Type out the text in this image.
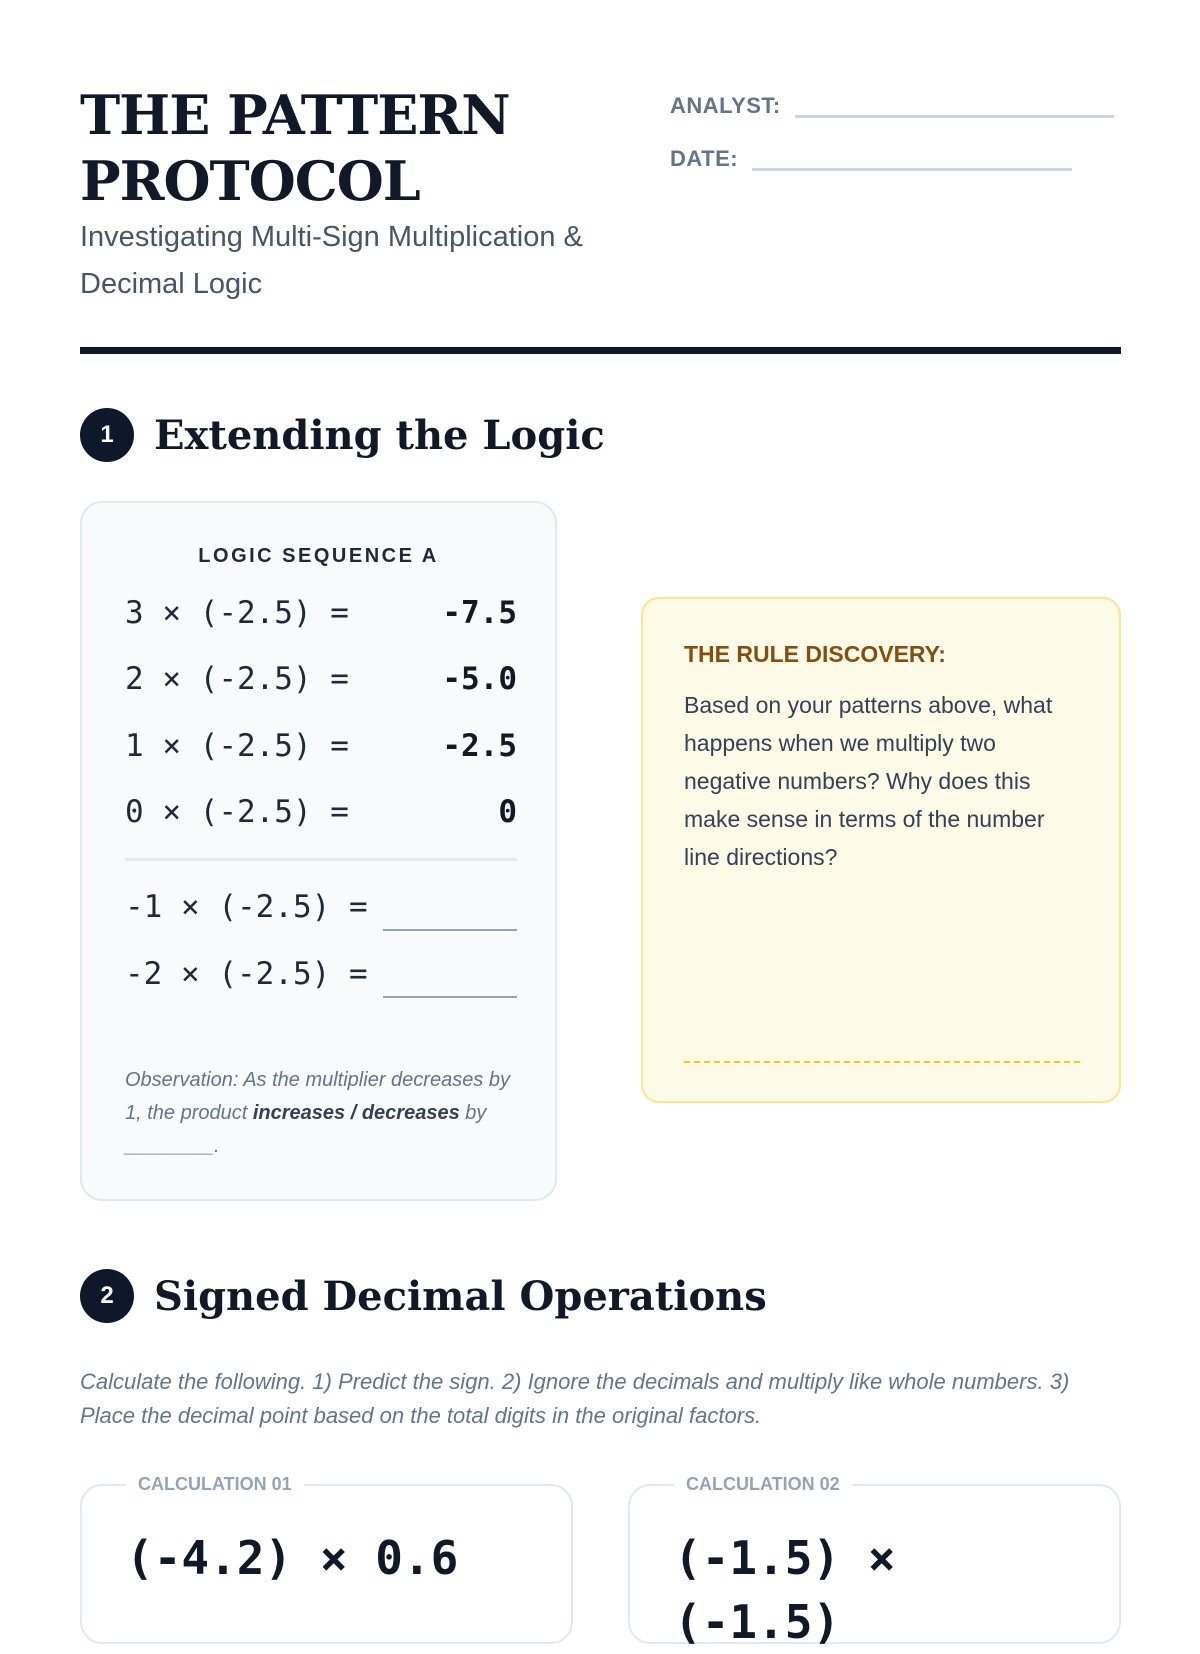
THE PATTERN PROTOCOL

Investigating Multi-Sign Multiplication & Decimal Logic

ANALYST:
DATE:
1	Extending the Logic
LOGIC SEQUENCE A
3 × (-2.5) =	-7.5
2 × (-2.5) =	-5.0
1 × (-2.5) =	-2.5
0 × (-2.5) =	0
-1 × (-2.5) =
-2 × (-2.5) =

Observation: As the multiplier decreases by 1, the product increases / decreases by ________.

THE RULE DISCOVERY:

Based on your patterns above, what happens when we multiply two negative numbers? Why does this make sense in terms of the number line directions?

2	Signed Decimal Operations

Calculate the following. 1) Predict the sign. 2) Ignore the decimals and multiply like whole numbers. 3) Place the decimal point based on the total digits in the original factors.

CALCULATION 01

(-4.2) × 0.6

CALCULATION 02

(-1.5) × (-1.5)
